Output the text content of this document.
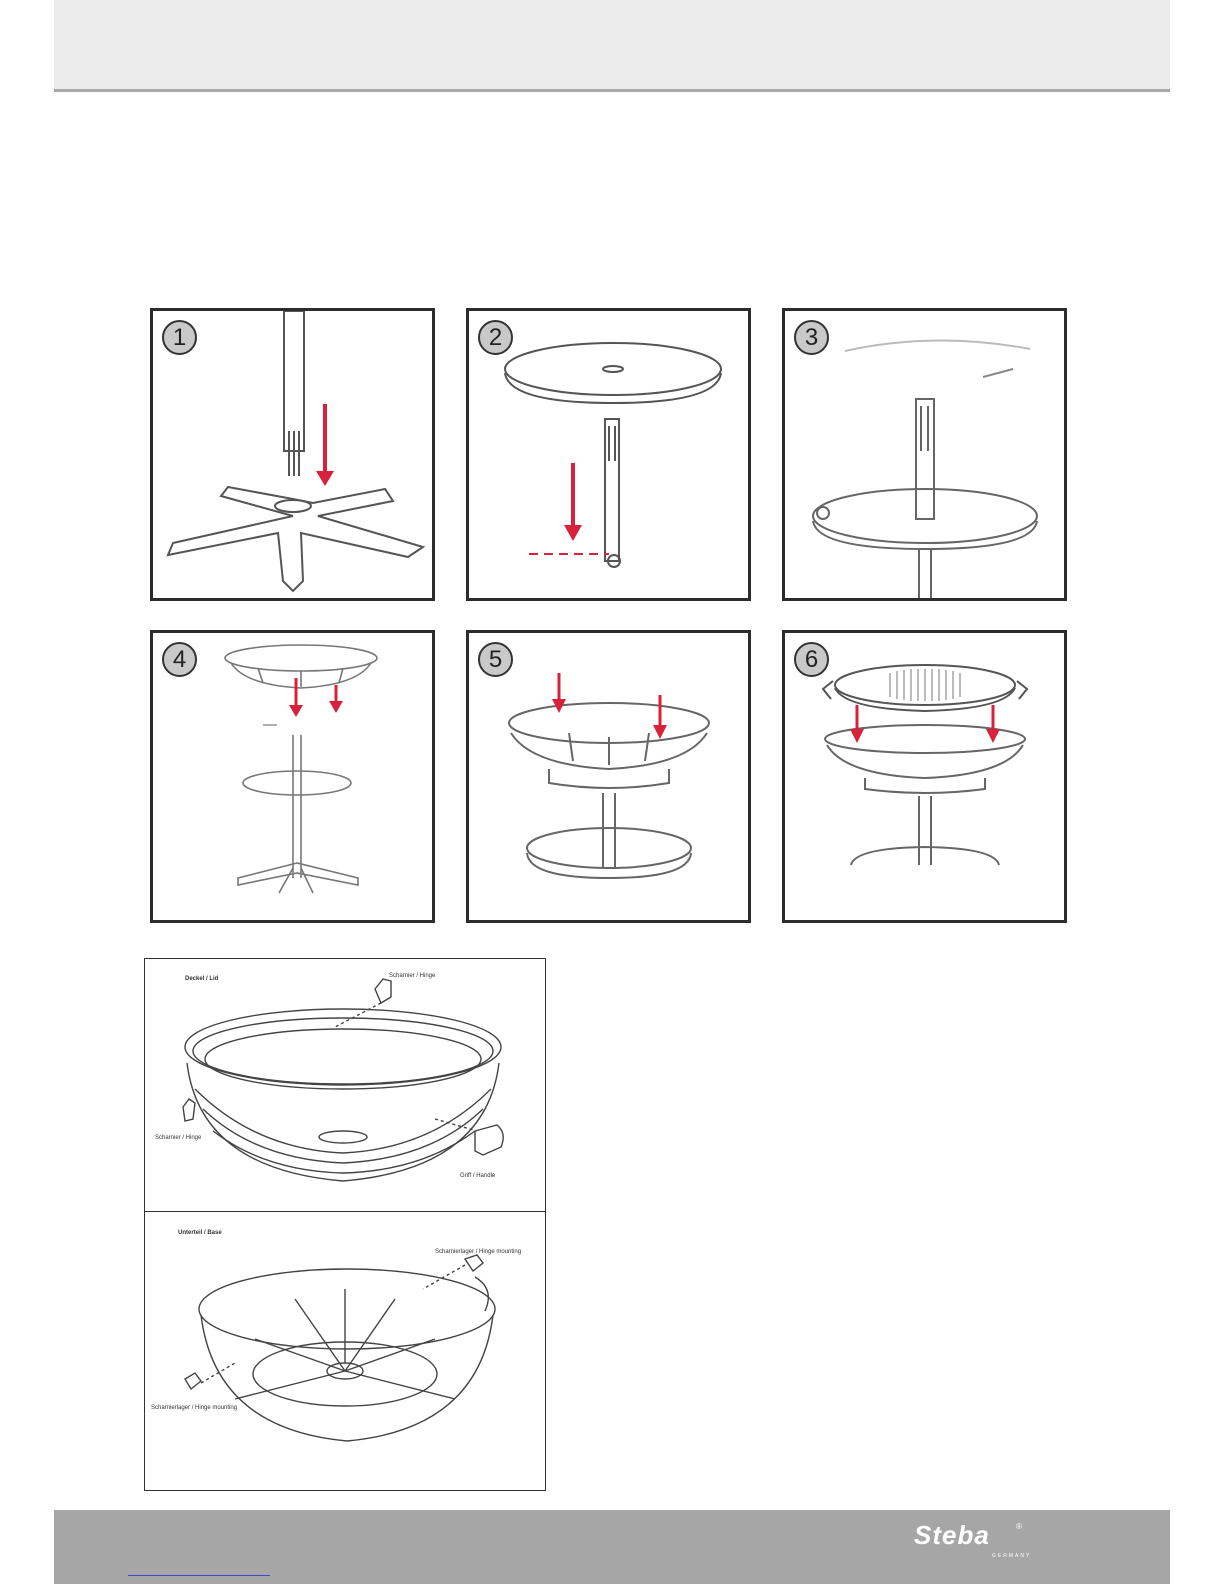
1	2	3
4	5	6
Deckel / Lid	Scharnier / Hinge
Scharnier / Hinge
Griff / Handle
Unterteil / Base
Scharnierlager / Hinge mounting
Scharnierlager / Hinge mounting
Steba	®
GERMANY
